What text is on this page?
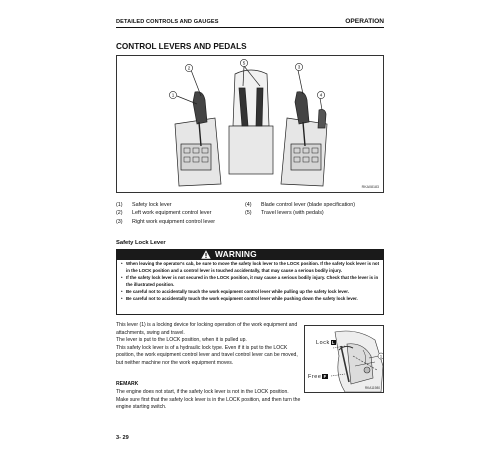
DETAILED CONTROLS AND GAUGES	OPERATION
CONTROL LEVERS AND PEDALS
1
2
5
3
4
RKA08183
(1) Safety lock lever
(2) Left work equipment control lever
(3) Right work equipment control lever
(4) Blade control lever (blade specification)
(5) Travel levers (with pedals)
Safety Lock Lever
WARNING
• When leaving the operator's cab, be sure to move the safety lock lever to the LOCK position. If the safety lock lever is not in the LOCK position and a control lever is touched accidentally, that may cause a serious bodily injury.
• If the safety lock lever is not secured in the LOCK position, it may cause a serious bodily injury. Check that the lever is in the illustrated position.
• Be careful not to accidentally touch the work equipment control lever while pulling up the safety lock lever.
• Be careful not to accidentally touch the work equipment control lever while pushing down the safety lock lever.

This lever (1) is a locking device for locking operation of the work equipment and attachments, swing and travel.

The lever is put to the LOCK position, when it is pulled up.

This safety lock lever is of a hydraulic lock type. Even if it is put to the LOCK position, the work equipment control lever and travel control lever can be moved, but neither machine nor the work equipment moves.

1
Lock L
Free F
RKA11980
REMARK
The engine does not start, if the safety lock lever is not in the LOCK position. Make sure first that the safety lock lever is in the LOCK position, and then turn the engine starting switch.
3- 29
